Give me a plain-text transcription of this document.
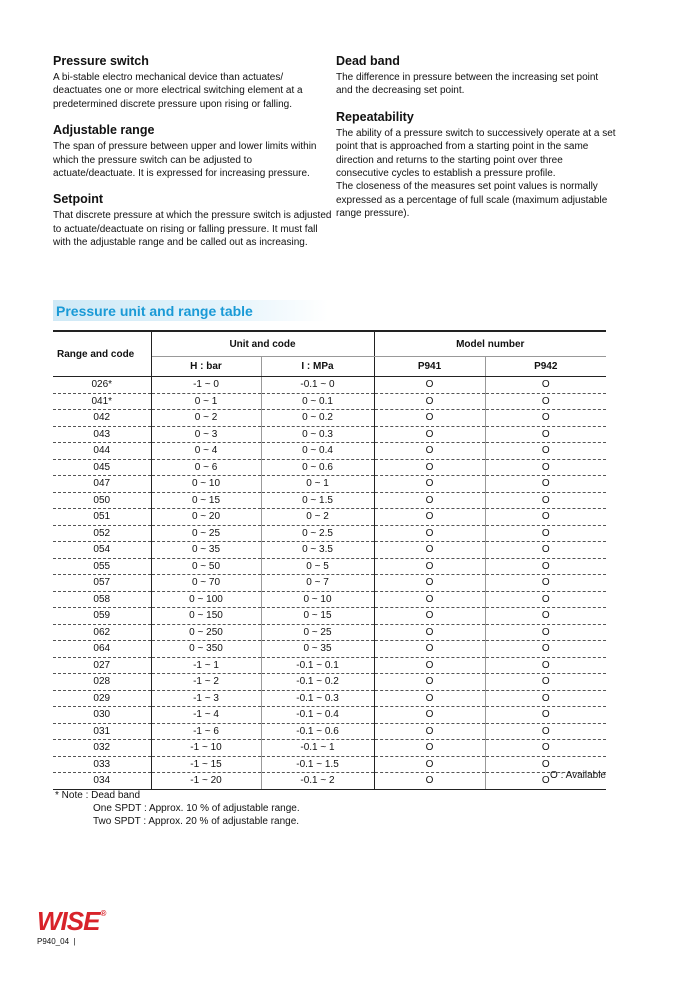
Pressure switch

A bi-stable electro mechanical device than actuates/ deactuates one or more electrical switching element at a predetermined discrete pressure upon rising or falling.

Adjustable range

The span of pressure between upper and lower limits within which the pressure switch can be adjusted to actuate/deactuate. It is expressed for increasing pressure.

Setpoint

That discrete pressure at which the pressure switch is adjusted to actuate/deactuate on rising or falling pressure. It must fall with the adjustable range and be called out as increasing.

Dead band

The difference in pressure between the increasing set point and the decreasing set point.

Repeatability

The ability of a pressure switch to successively operate at a set point that is approached from a starting point in the same direction and returns to the starting point over three consecutive cycles to establish a pressure profile.

The closeness of the measures set point values is normally expressed as a percentage of full scale (maximum adjustable range pressure).

Pressure unit and range table
Range and code	Unit and code		Model number	
	H : bar	I : MPa	P941	P942
026*	-1 ~ 0	-0.1 ~ 0	O	O
041*	0 ~ 1	0 ~ 0.1	O	O
042	0 ~ 2	0 ~ 0.2	O	O
043	0 ~ 3	0 ~ 0.3	O	O
044	0 ~ 4	0 ~ 0.4	O	O
045	0 ~ 6	0 ~ 0.6	O	O
047	0 ~ 10	0 ~ 1	O	O
050	0 ~ 15	0 ~ 1.5	O	O
051	0 ~ 20	0 ~ 2	O	O
052	0 ~ 25	0 ~ 2.5	O	O
054	0 ~ 35	0 ~ 3.5	O	O
055	0 ~ 50	0 ~ 5	O	O
057	0 ~ 70	0 ~ 7	O	O
058	0 ~ 100	0 ~ 10	O	O
059	0 ~ 150	0 ~ 15	O	O
062	0 ~ 250	0 ~ 25	O	O
064	0 ~ 350	0 ~ 35	O	O
027	-1 ~ 1	-0.1 ~ 0.1	O	O
028	-1 ~ 2	-0.1 ~ 0.2	O	O
029	-1 ~ 3	-0.1 ~ 0.3	O	O
030	-1 ~ 4	-0.1 ~ 0.4	O	O
031	-1 ~ 6	-0.1 ~ 0.6	O	O
032	-1 ~ 10	-0.1 ~ 1	O	O
033	-1 ~ 15	-0.1 ~ 1.5	O	O
034	-1 ~ 20	-0.1 ~ 2	O	O O : Available
* Note : Dead band
One SPDT : Approx. 10 % of adjustable range.
Two SPDT : Approx. 20 % of adjustable range.
WISE®
P940_04  |
